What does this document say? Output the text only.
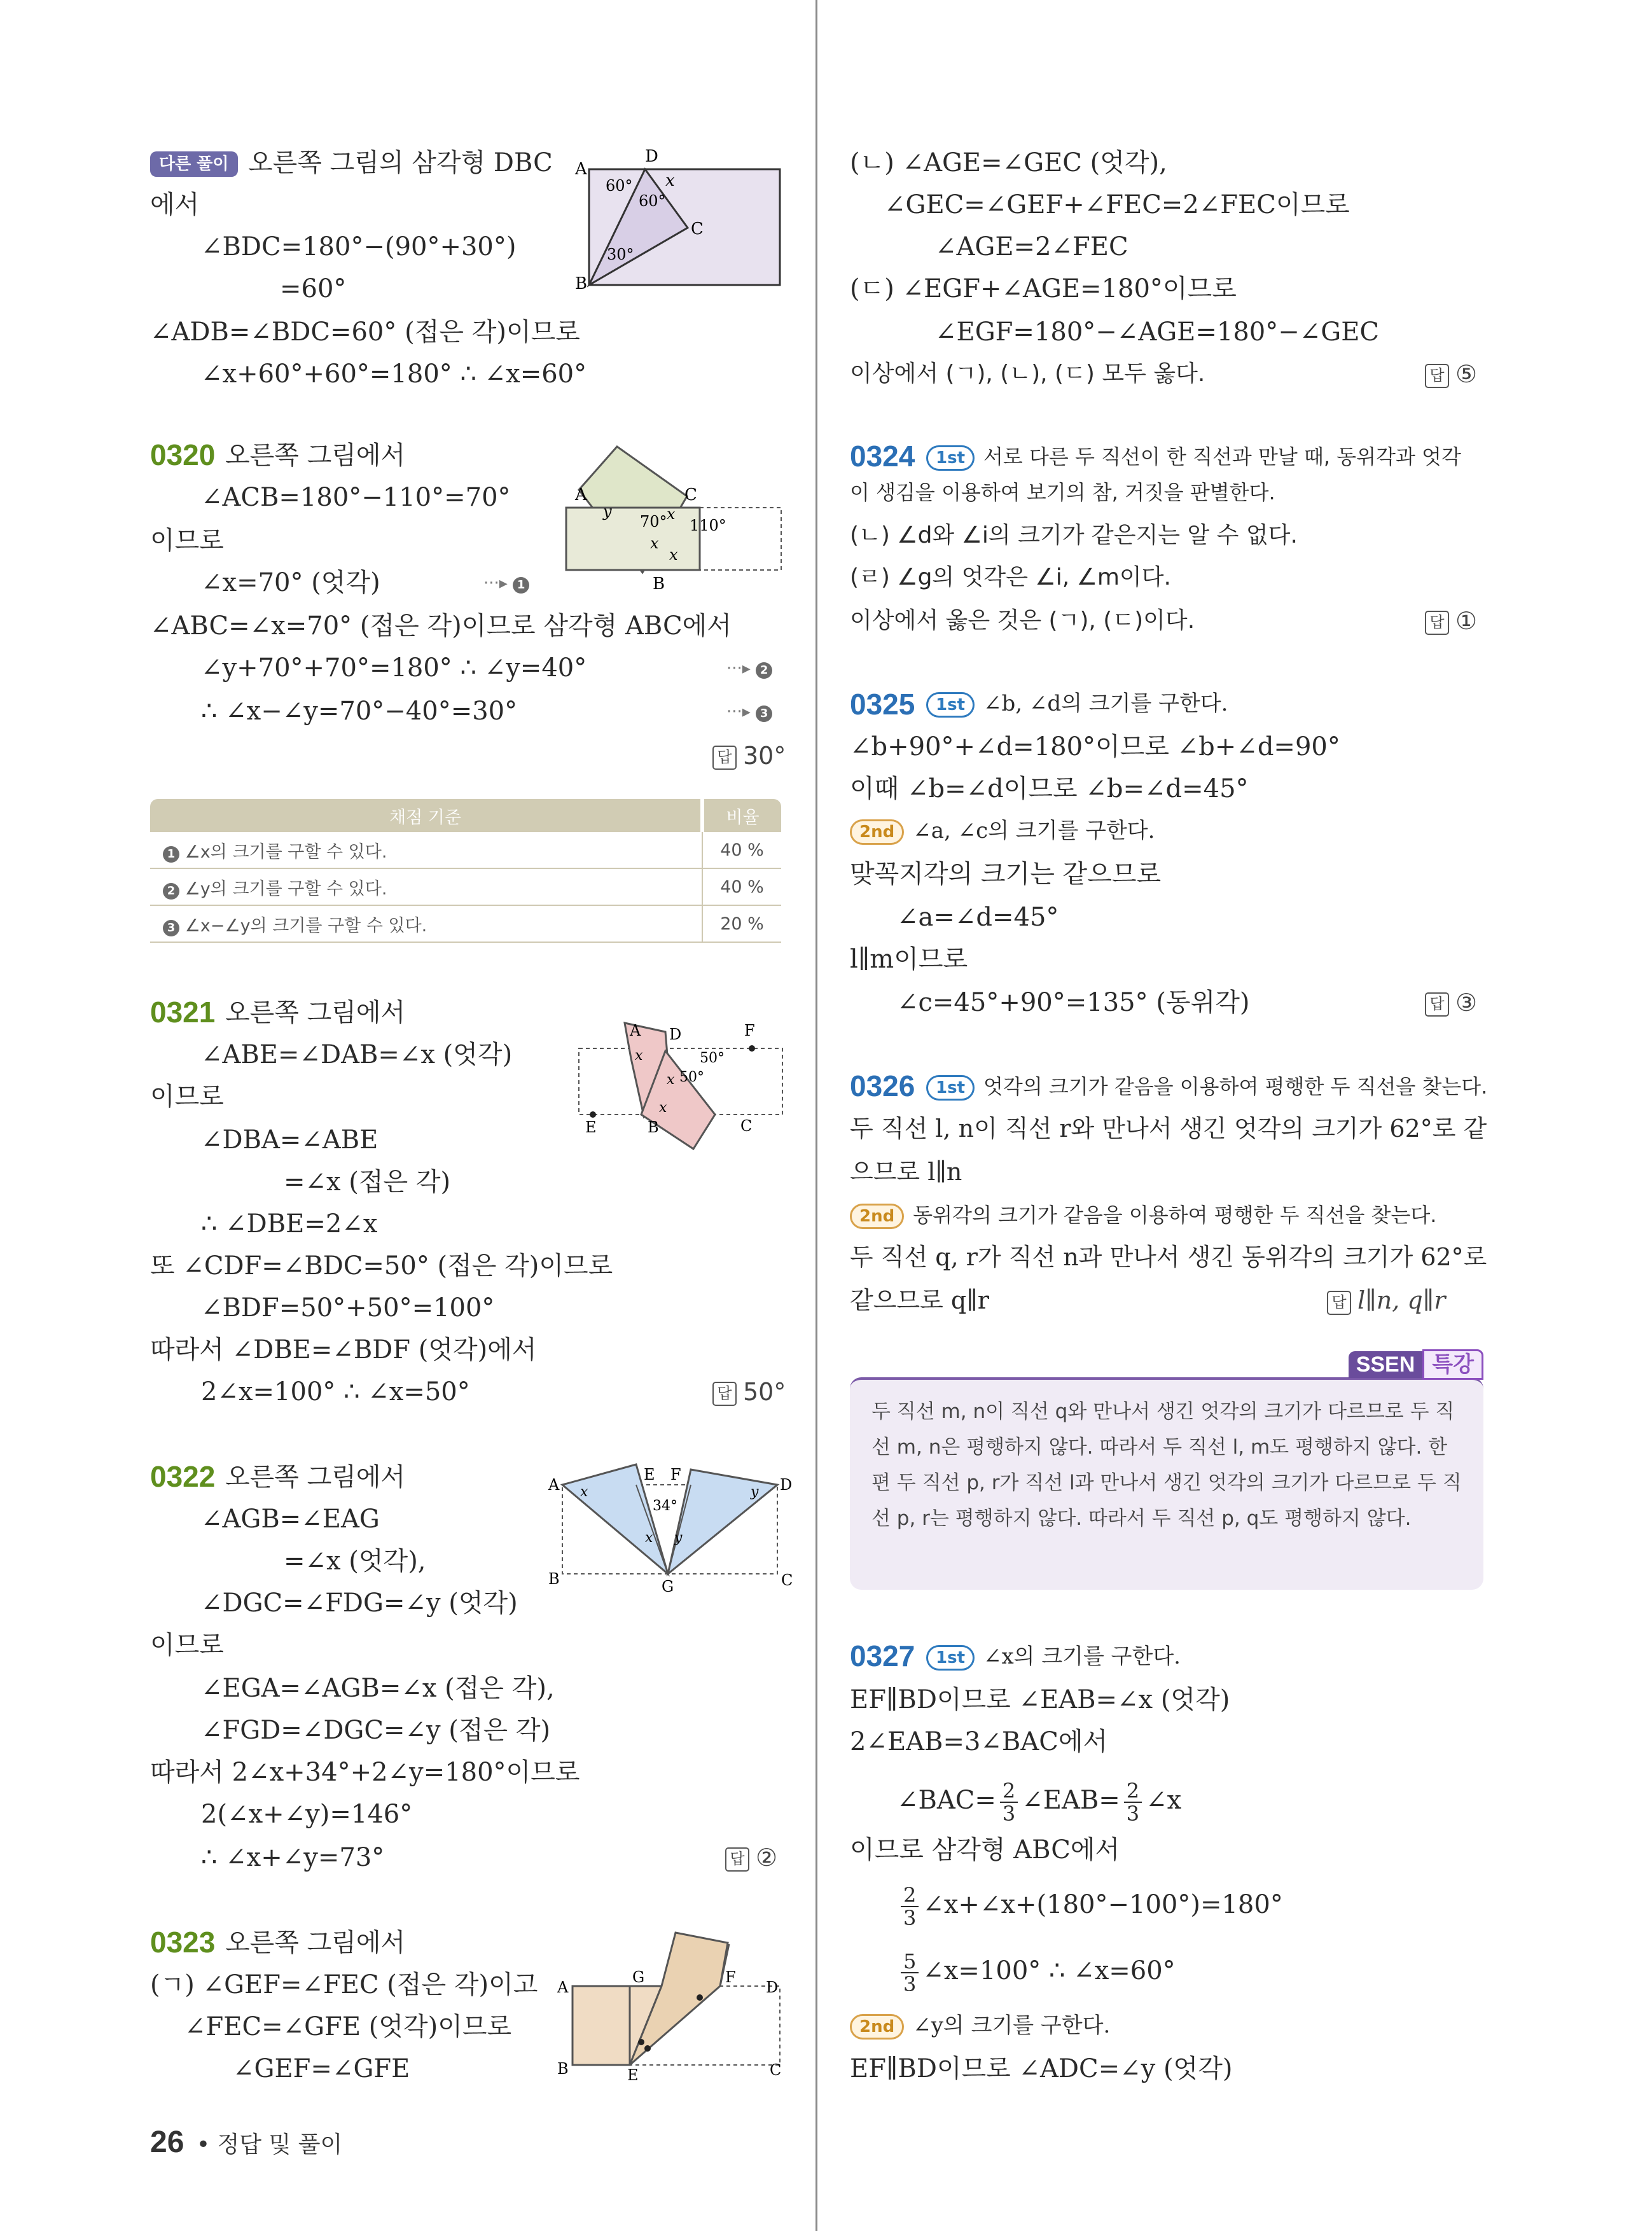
다른 풀이 오른쪽 그림의 삼각형 DBC
에서
∠BDC=180°−(90°+30°)
=60°
∠ADB=∠BDC=60° (접은 각)이므로
∠x+60°+60°=180° ∴ ∠x=60°
A
B
C
D
60°
60°
30°
x
0320 오른쪽 그림에서
∠ACB=180°−110°=70°
이므로
∠x=70° (엇각)	···▸ 1
∠ABC=∠x=70° (접은 각)이므로 삼각형 ABC에서
∠y+70°+70°=180° ∴ ∠y=40°	···▸ 2
∴ ∠x−∠y=70°−40°=30°	···▸ 3
답 30°
A	C
B
70° 110°
x
x
x
y
채점 기준	비율
1 ∠x의 크기를 구할 수 있다.	40 %
2 ∠y의 크기를 구할 수 있다.	40 %
3 ∠x−∠y의 크기를 구할 수 있다.	20 %
0321 오른쪽 그림에서
∠ABE=∠DAB=∠x (엇각)
이므로
∠DBA=∠ABE
=∠x (접은 각)
∴ ∠DBE=2∠x
또 ∠CDF=∠BDC=50° (접은 각)이므로
∠BDF=50°+50°=100°
따라서 ∠DBE=∠BDF (엇각)에서
2∠x=100° ∴ ∠x=50°	답 50°
A D	F
E	B	C
50°
50°
x
x
x
0322 오른쪽 그림에서
∠AGB=∠EAG
=∠x (엇각),
∠DGC=∠FDG=∠y (엇각)
이므로
∠EGA=∠AGB=∠x (접은 각),
∠FGD=∠DGC=∠y (접은 각)
따라서 2∠x+34°+2∠y=180°이므로
2(∠x+∠y)=146°
∴ ∠x+∠y=73°	답 ②
A
B	C
D
E F
G
34°
x	y
x y
0323 오른쪽 그림에서
(ㄱ) ∠GEF=∠FEC (접은 각)이고
∠FEC=∠GFE (엇각)이므로
∠GEF=∠GFE
A
B	C
D
E
F
G
(ㄴ) ∠AGE=∠GEC (엇각),
∠GEC=∠GEF+∠FEC=2∠FEC이므로
∠AGE=2∠FEC
(ㄷ) ∠EGF+∠AGE=180°이므로
∠EGF=180°−∠AGE=180°−∠GEC
이상에서 (ㄱ), (ㄴ), (ㄷ) 모두 옳다.	답 ⑤
0324	1st 서로 다른 두 직선이 한 직선과 만날 때, 동위각과 엇각
이 생김을 이용하여 보기의 참, 거짓을 판별한다.
(ㄴ) ∠d와 ∠i의 크기가 같은지는 알 수 없다.
(ㄹ) ∠g의 엇각은 ∠i, ∠m이다.
이상에서 옳은 것은 (ㄱ), (ㄷ)이다.	답 ①
0325	1st ∠b, ∠d의 크기를 구한다.
∠b+90°+∠d=180°이므로 ∠b+∠d=90°
이때 ∠b=∠d이므로 ∠b=∠d=45°
2nd ∠a, ∠c의 크기를 구한다.
맞꼭지각의 크기는 같으므로
∠a=∠d=45°
l∥m이므로
∠c=45°+90°=135° (동위각)	답 ③
0326	1st 엇각의 크기가 같음을 이용하여 평행한 두 직선을 찾는다.
두 직선 l, n이 직선 r와 만나서 생긴 엇각의 크기가 62°로 같
으므로 l∥n
2nd 동위각의 크기가 같음을 이용하여 평행한 두 직선을 찾는다.
두 직선 q, r가 직선 n과 만나서 생긴 동위각의 크기가 62°로
같으므로 q∥r	답 l∥n, q∥r
SSEN 특강
두 직선 m, n이 직선 q와 만나서 생긴 엇각의 크기가 다르므로 두 직선 m, n은 평행하지 않다. 따라서 두 직선 l, m도 평행하지 않다. 한편 두 직선 p, r가 직선 l과 만나서 생긴 엇각의 크기가 다르므로 두 직선 p, r는 평행하지 않다. 따라서 두 직선 p, q도 평행하지 않다.
0327	1st ∠x의 크기를 구한다.
EF∥BD이므로 ∠EAB=∠x (엇각)
2∠EAB=3∠BAC에서
∠BAC= $\frac{2}{3}$ ∠EAB= $\frac{2}{3}$ ∠x
이므로 삼각형 ABC에서
$\frac{2}{3}$ ∠x+∠x+(180°−100°)=180°
$\frac{5}{3}$ ∠x=100° ∴ ∠x=60°
2nd ∠y의 크기를 구한다.
EF∥BD이므로 ∠ADC=∠y (엇각)
26 • 정답 및 풀이
